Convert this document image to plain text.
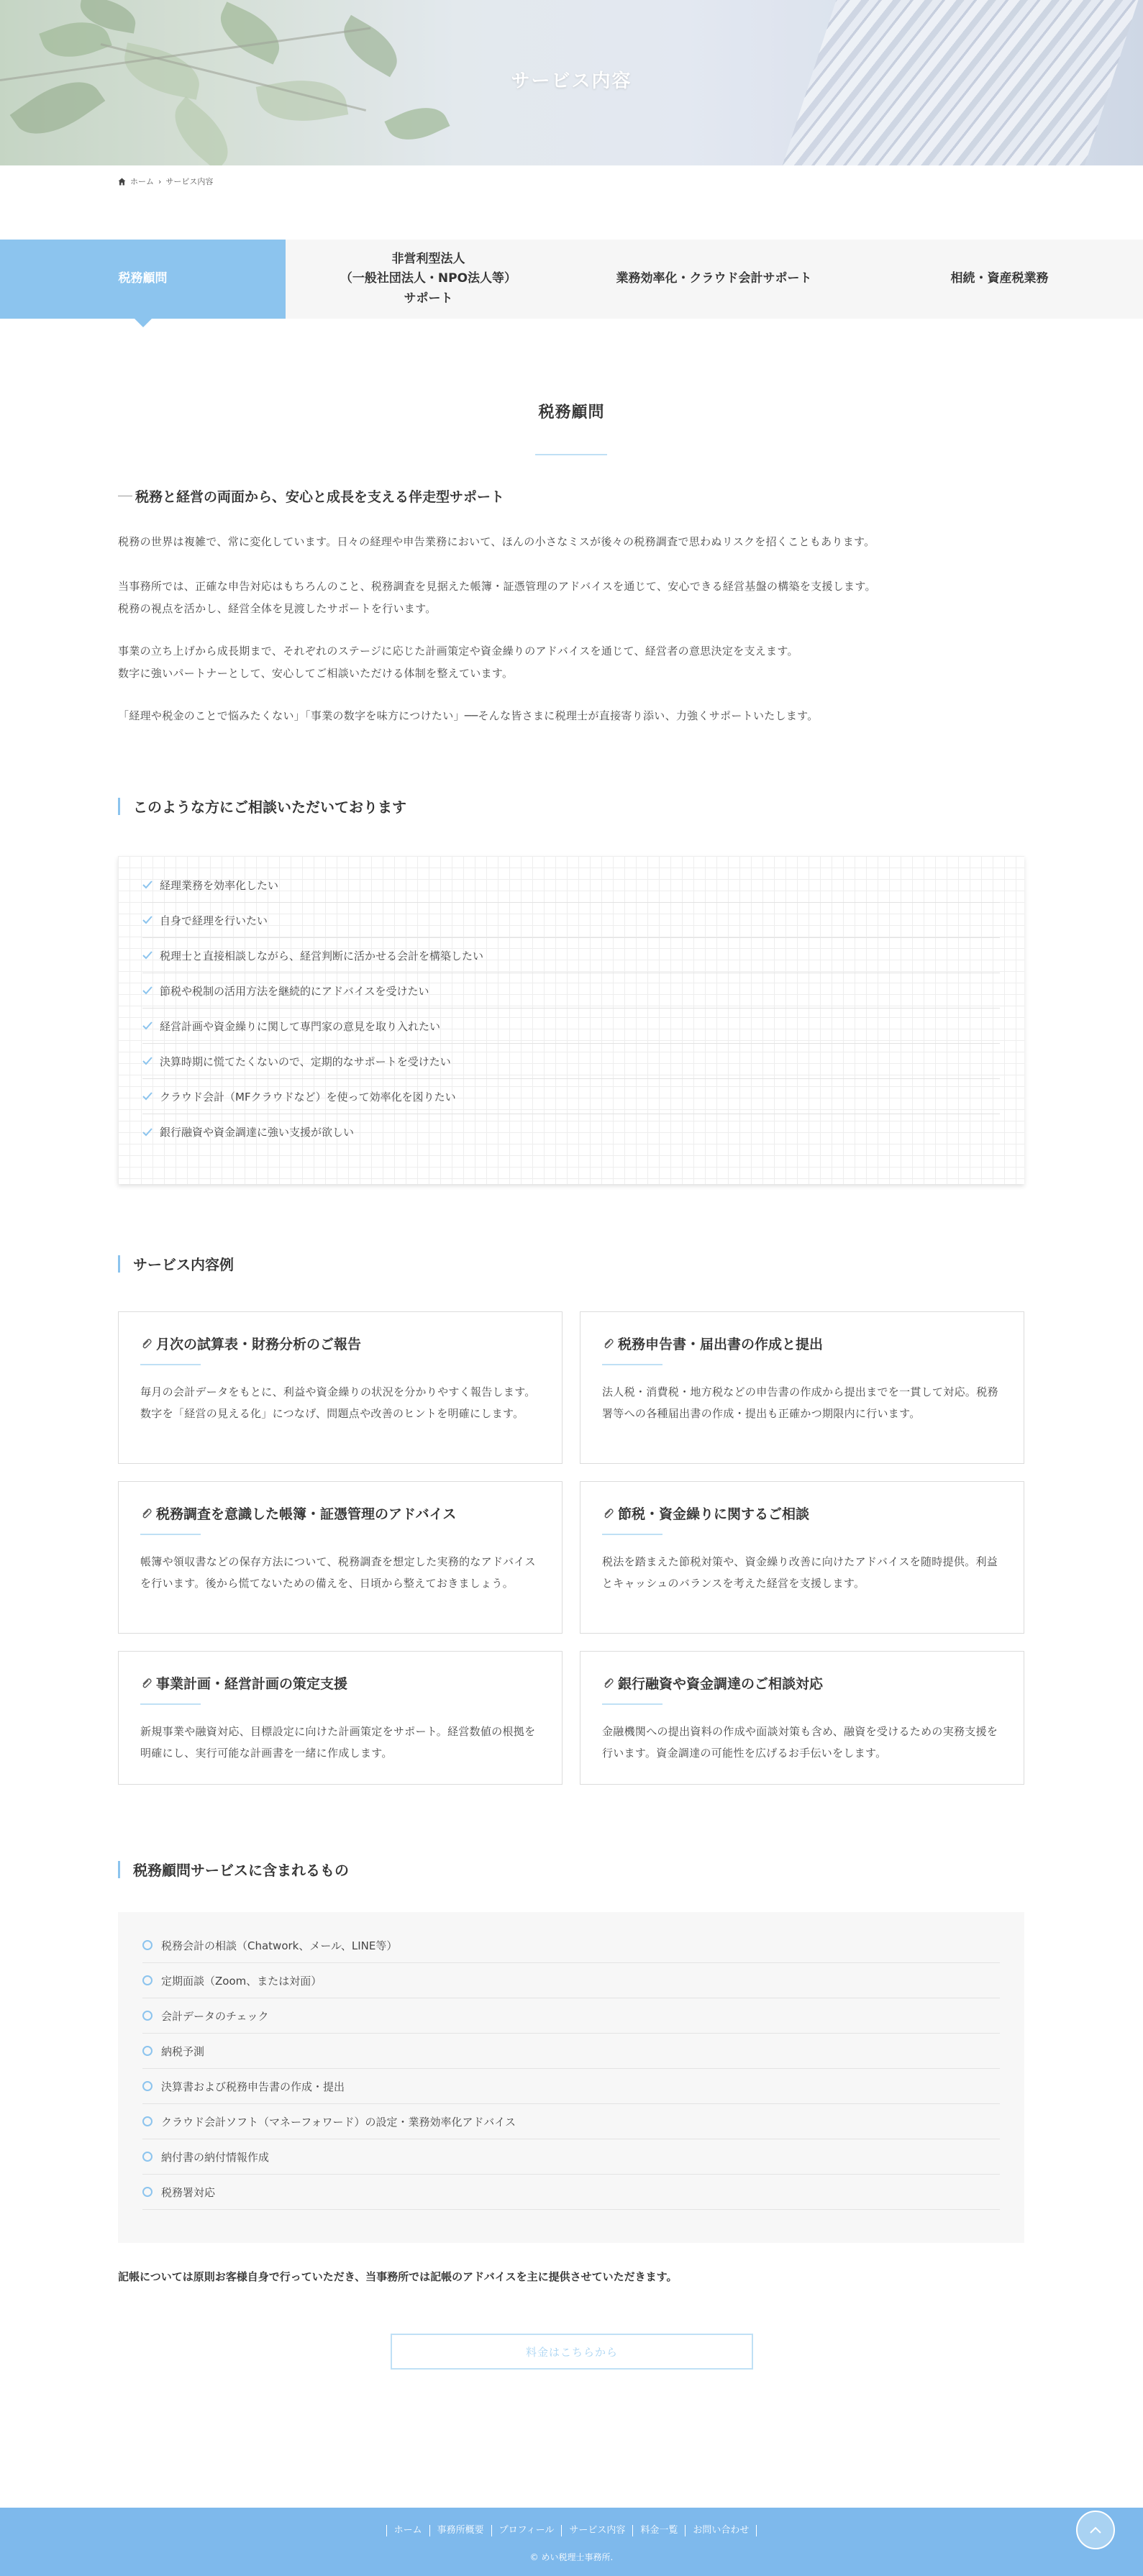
サービス内容
ホーム › サービス内容
税務顧問
非営利型法人
（一般社団法人・NPO法人等）
サポート
業務効率化・クラウド会計サポート	相続・資産税業務
税務顧問
税務と経営の両面から、安心と成長を支える伴走型サポート

税務の世界は複雑で、常に変化しています。日々の経理や申告業務において、ほんの小さなミスが後々の税務調査で思わぬリスクを招くこともあります。

当事務所では、正確な申告対応はもちろんのこと、税務調査を見据えた帳簿・証憑管理のアドバイスを通じて、安心できる経営基盤の構築を支援します。
税務の視点を活かし、経営全体を見渡したサポートを行います。

事業の立ち上げから成長期まで、それぞれのステージに応じた計画策定や資金繰りのアドバイスを通じて、経営者の意思決定を支えます。
数字に強いパートナーとして、安心してご相談いただける体制を整えています。

「経理や税金のことで悩みたくない」「事業の数字を味方につけたい」──そんな皆さまに税理士が直接寄り添い、力強くサポートいたします。

このような方にご相談いただいております
経理業務を効率化したい
自身で経理を行いたい
税理士と直接相談しながら、経営判断に活かせる会計を構築したい
節税や税制の活用方法を継続的にアドバイスを受けたい
経営計画や資金繰りに関して専門家の意見を取り入れたい
決算時期に慌てたくないので、定期的なサポートを受けたい
クラウド会計（MFクラウドなど）を使って効率化を図りたい
銀行融資や資金調達に強い支援が欲しい
サービス内容例
月次の試算表・財務分析のご報告

毎月の会計データをもとに、利益や資金繰りの状況を分かりやすく報告します。数字を「経営の見える化」につなげ、問題点や改善のヒントを明確にします。

税務申告書・届出書の作成と提出

法人税・消費税・地方税などの申告書の作成から提出までを一貫して対応。税務署等への各種届出書の作成・提出も正確かつ期限内に行います。

税務調査を意識した帳簿・証憑管理のアドバイス

帳簿や領収書などの保存方法について、税務調査を想定した実務的なアドバイスを行います。後から慌てないための備えを、日頃から整えておきましょう。

節税・資金繰りに関するご相談

税法を踏まえた節税対策や、資金繰り改善に向けたアドバイスを随時提供。利益とキャッシュのバランスを考えた経営を支援します。

事業計画・経営計画の策定支援

新規事業や融資対応、目標設定に向けた計画策定をサポート。経営数値の根拠を明確にし、実行可能な計画書を一緒に作成します。

銀行融資や資金調達のご相談対応

金融機関への提出資料の作成や面談対策も含め、融資を受けるための実務支援を行います。資金調達の可能性を広げるお手伝いをします。

税務顧問サービスに含まれるもの
税務会計の相談（Chatwork、メール、LINE等）
定期面談（Zoom、または対面）
会計データのチェック
納税予測
決算書および税務申告書の作成・提出
クラウド会計ソフト（マネーフォワード）の設定・業務効率化アドバイス
納付書の納付情報作成
税務署対応

記帳については原則お客様自身で行っていただき、当事務所では記帳のアドバイスを主に提供させていただきます。

料金はこちらから
ホーム	事務所概要	プロフィール	サービス内容	料金一覧	お問い合わせ
© めい税理士事務所.
